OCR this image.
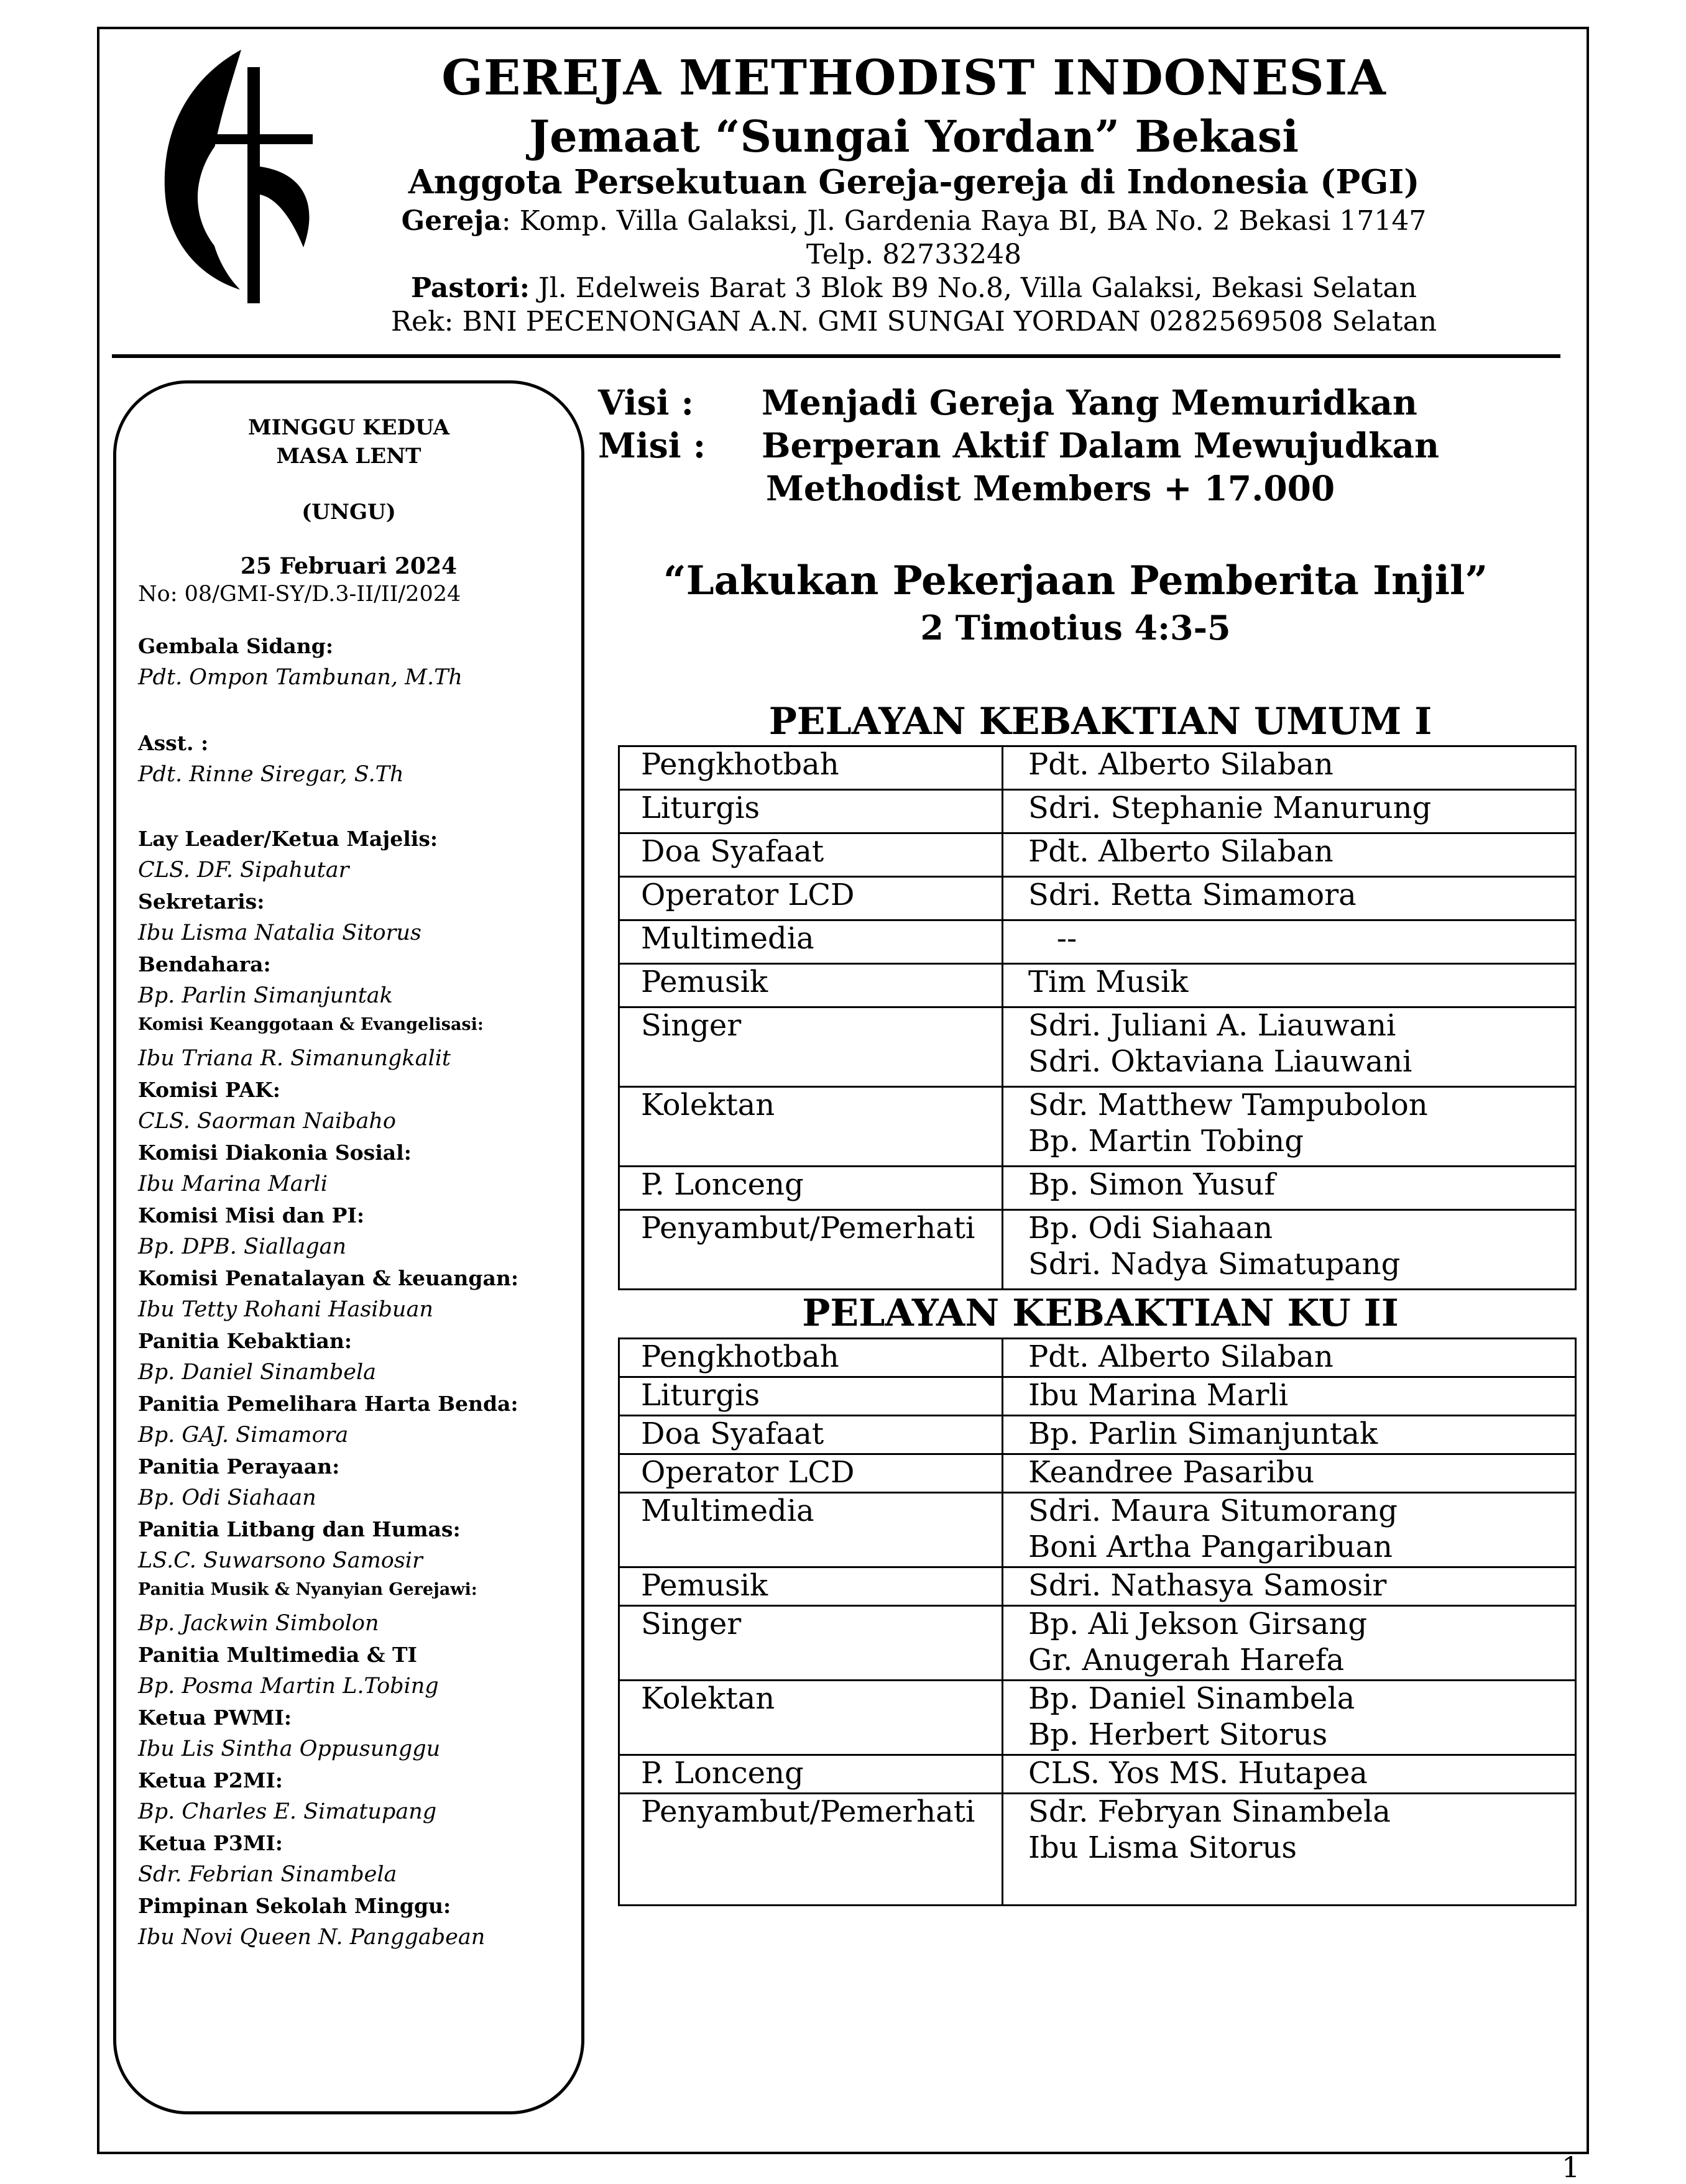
GEREJA METHODIST INDONESIA
Jemaat “Sungai Yordan” Bekasi
Anggota Persekutuan Gereja-gereja di Indonesia (PGI)
Gereja: Komp. Villa Galaksi, Jl. Gardenia Raya BI, BA No. 2 Bekasi 17147
Telp. 82733248
Pastori: Jl. Edelweis Barat 3 Blok B9 No.8, Villa Galaksi, Bekasi Selatan
Rek: BNI PECENONGAN A.N. GMI SUNGAI YORDAN 0282569508 Selatan
MINGGU KEDUA
MASA LENT
(UNGU)
25 Februari 2024
No: 08/GMI-SY/D.3-II/II/2024
Gembala Sidang:
Pdt. Ompon Tambunan, M.Th
Asst. :
Pdt. Rinne Siregar, S.Th
Lay Leader/Ketua Majelis:
CLS. DF. Sipahutar
Sekretaris:
Ibu Lisma Natalia Sitorus
Bendahara:
Bp. Parlin Simanjuntak
Komisi Keanggotaan & Evangelisasi:
Ibu Triana R. Simanungkalit
Komisi PAK:
CLS. Saorman Naibaho
Komisi Diakonia Sosial:
Ibu Marina Marli
Komisi Misi dan PI:
Bp. DPB. Siallagan
Komisi Penatalayan & keuangan:
Ibu Tetty Rohani Hasibuan
Panitia Kebaktian:
Bp. Daniel Sinambela
Panitia Pemelihara Harta Benda:
Bp. GAJ. Simamora
Panitia Perayaan:
Bp. Odi Siahaan
Panitia Litbang dan Humas:
LS.C. Suwarsono Samosir
Panitia Musik & Nyanyian Gerejawi:
Bp. Jackwin Simbolon
Panitia Multimedia & TI
Bp. Posma Martin L.Tobing
Ketua PWMI:
Ibu Lis Sintha Oppusunggu
Ketua P2MI:
Bp. Charles E. Simatupang
Ketua P3MI:
Sdr. Febrian Sinambela
Pimpinan Sekolah Minggu:
Ibu Novi Queen N. Panggabean
Visi : Menjadi Gereja Yang Memuridkan
Misi : Berperan Aktif Dalam Mewujudkan
Methodist Members + 17.000
“Lakukan Pekerjaan Pemberita Injil”
2 Timotius 4:3-5
PELAYAN KEBAKTIAN UMUM I
Pengkhotbah	Pdt. Alberto Silaban

Liturgis	Sdri. Stephanie Manurung

Doa Syafaat	Pdt. Alberto Silaban

Operator LCD	Sdri. Retta Simamora

Multimedia	--

Pemusik	Tim Musik

Singer	Sdri. Juliani A. Liauwani
Sdri. Oktaviana Liauwani

Kolektan	Sdr. Matthew Tampubolon
Bp. Martin Tobing

P. Lonceng	Bp. Simon Yusuf

Penyambut/Pemerhati	Bp. Odi Siahaan
Sdri. Nadya Simatupang
PELAYAN KEBAKTIAN KU II
Pengkhotbah	Pdt. Alberto Silaban

Liturgis	Ibu Marina Marli

Doa Syafaat	Bp. Parlin Simanjuntak

Operator LCD	Keandree Pasaribu

Multimedia	Sdri. Maura Situmorang
Boni Artha Pangaribuan

Pemusik	Sdri. Nathasya Samosir

Singer	Bp. Ali Jekson Girsang
Gr. Anugerah Harefa

Kolektan	Bp. Daniel Sinambela
Bp. Herbert Sitorus

P. Lonceng	CLS. Yos MS. Hutapea

Penyambut/Pemerhati	Sdr. Febryan Sinambela
Ibu Lisma Sitorus
1
